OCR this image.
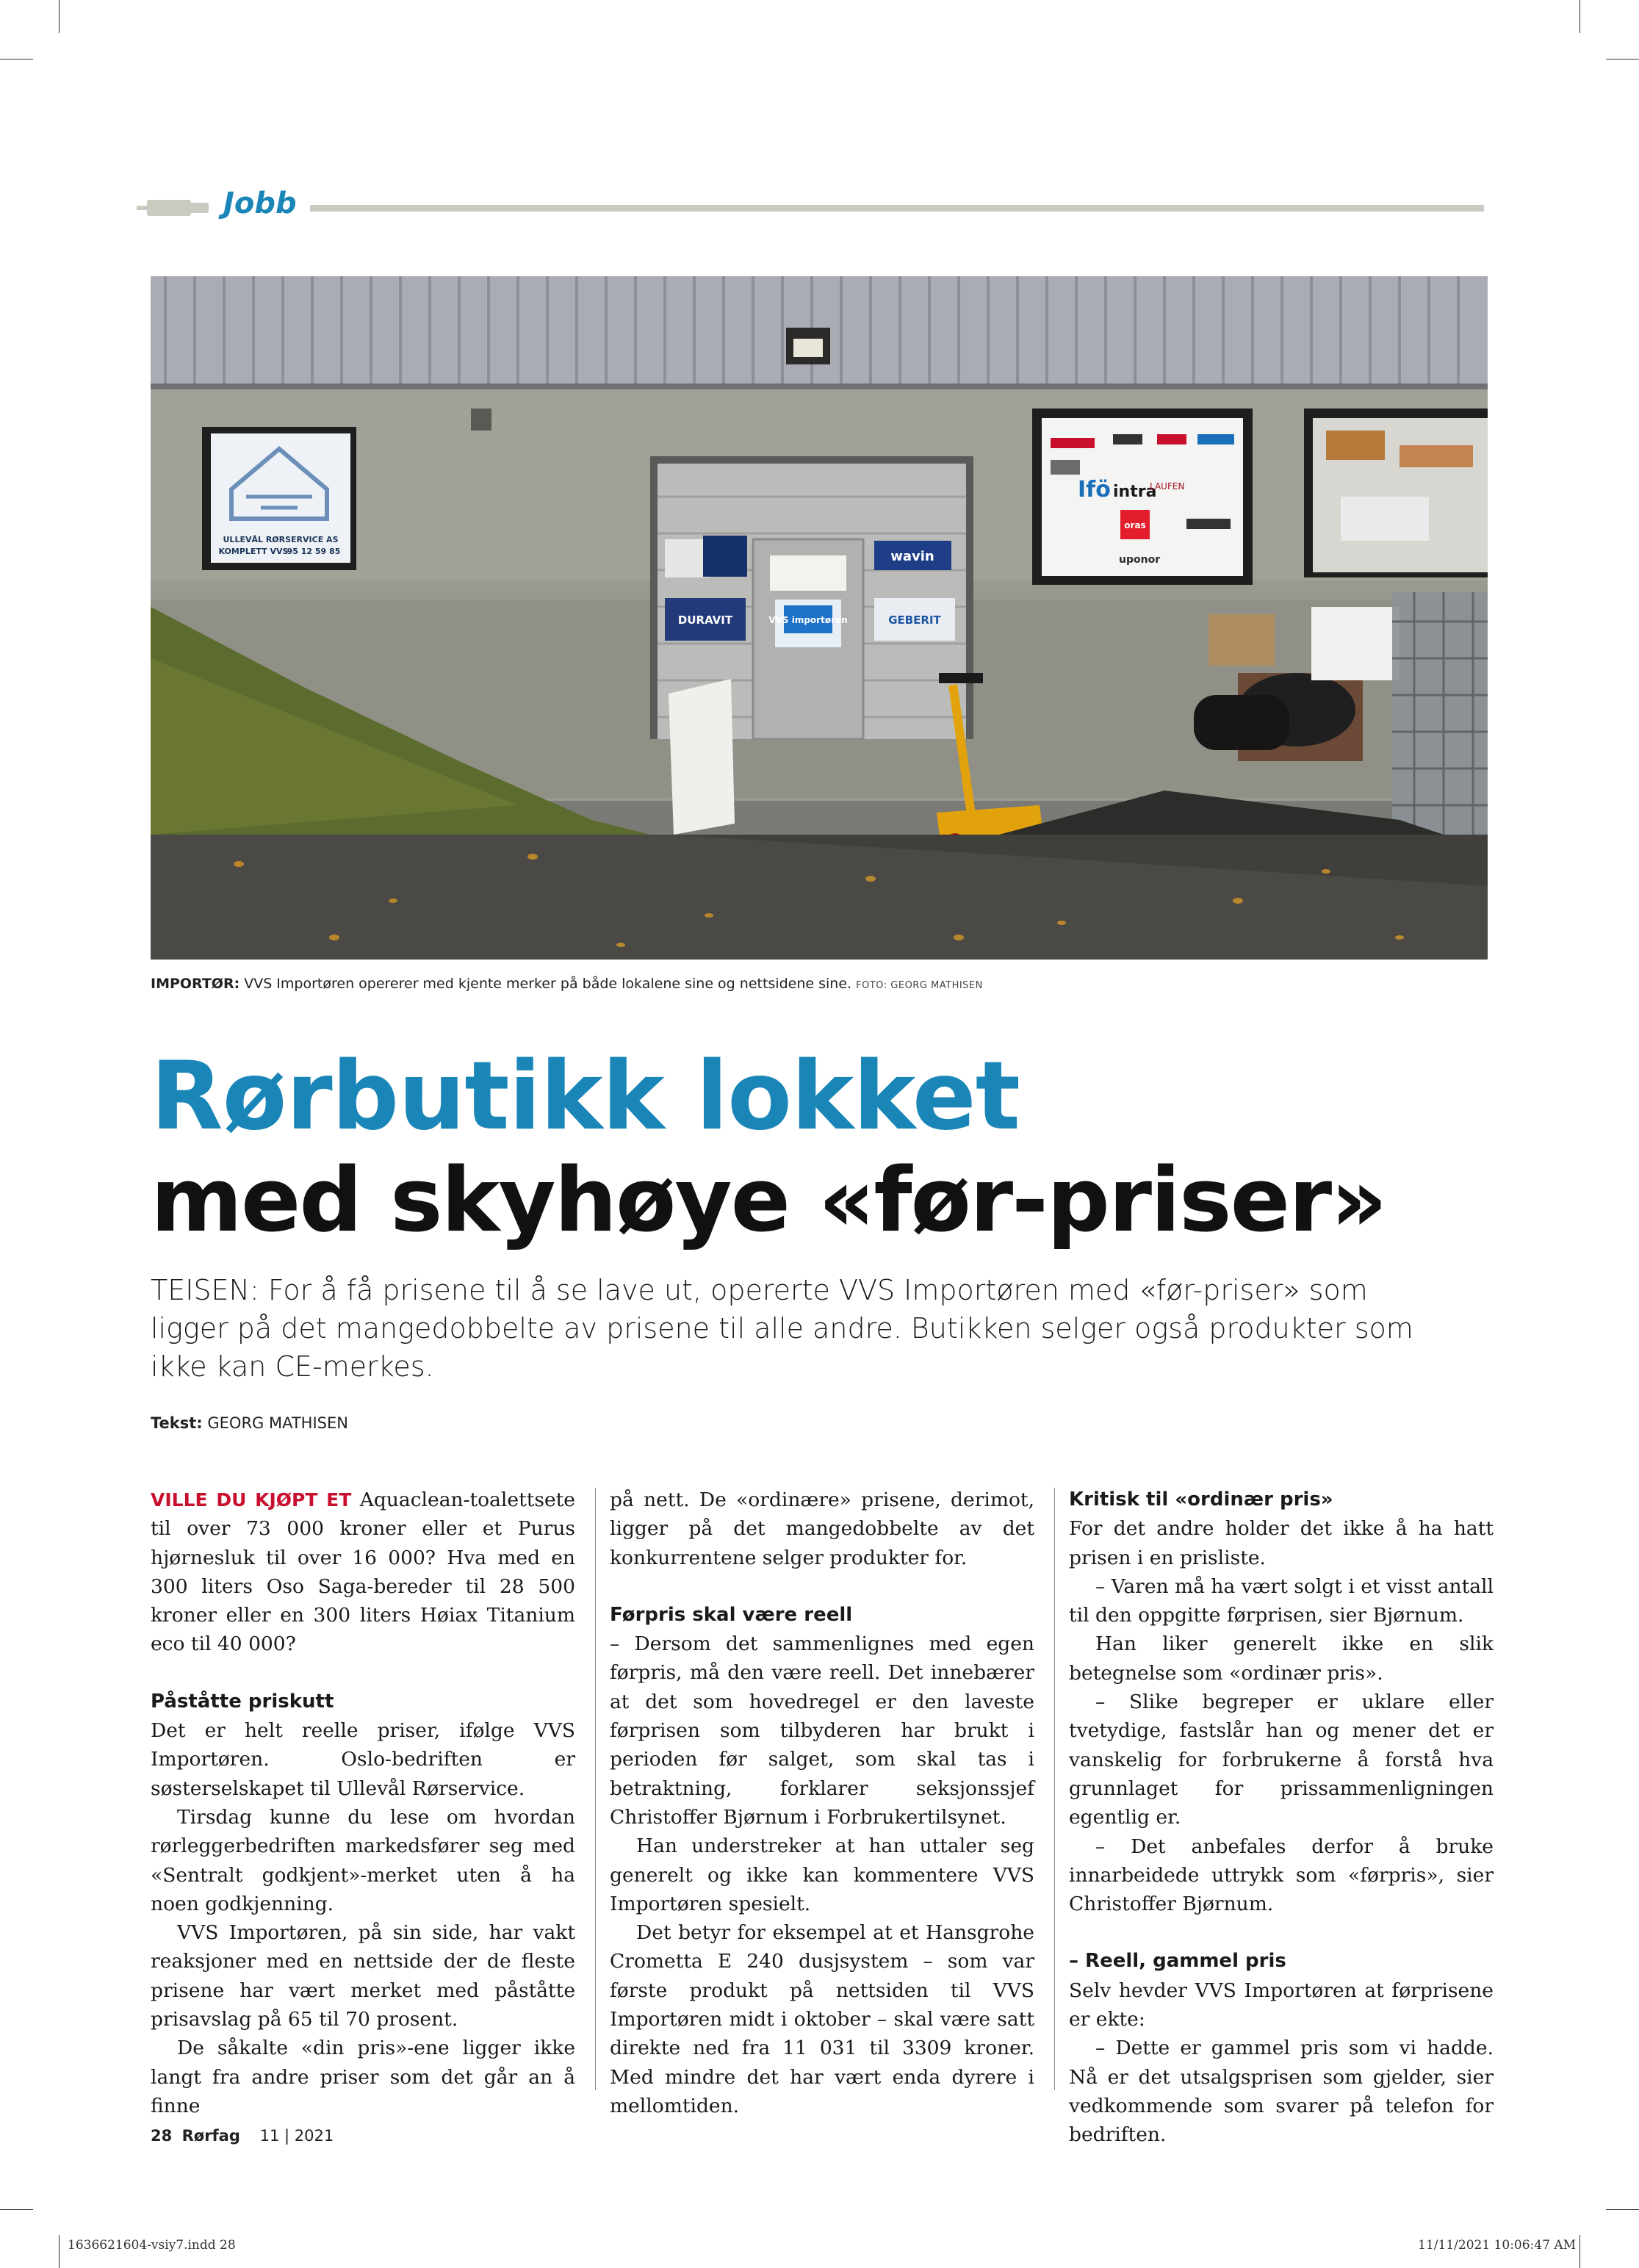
Jobb
ULLEVÅL RØRSERVICE AS
KOMPLETT VVS
95 12 59 85
VVS importøren
wavin
DURAVIT	GEBERIT
Ifö intra
LAUFEN
oras
uponor
IMPORTØR: VVS Importøren opererer med kjente merker på både lokalene sine og nettsidene sine. FOTO: GEORG MATHISEN
Rørbutikk lokket
med skyhøye «før-priser»
TEISEN: For å få prisene til å se lave ut, opererte VVS Importøren med «før-priser» som ligger på det mangedobbelte av prisene til alle andre. Butikken selger også produkter som ikke kan CE-merkes.
Tekst: GEORG MATHISEN

VILLE DU KJØPT ET Aquaclean-toalettsete til over 73 000 kroner eller et Purus hjørnesluk til over 16 000? Hva med en 300 liters Oso Saga-bereder til 28 500 kroner eller en 300 liters Høiax Titanium eco til 40 000?

Påståtte priskutt

Det er helt reelle priser, ifølge VVS Importøren. Oslo-bedriften er søsterselskapet til Ullevål Rørservice.

Tirsdag kunne du lese om hvordan rørleggerbedriften markedsfører seg med «Sentralt godkjent»-merket uten å ha noen godkjenning.

VVS Importøren, på sin side, har vakt reaksjoner med en nettside der de fleste prisene har vært merket med påståtte prisavslag på 65 til 70 prosent.

De såkalte «din pris»-ene ligger ikke langt fra andre priser som det går an å finne

på nett. De «ordinære» prisene, derimot, ligger på det mangedobbelte av det konkurrentene selger produkter for.

Førpris skal være reell

– Dersom det sammenlignes med egen førpris, må den være reell. Det innebærer at det som hovedregel er den laveste førprisen som tilbyderen har brukt i perioden før salget, som skal tas i betraktning, forklarer seksjonssjef Christoffer Bjørnum i Forbrukertilsynet.

Han understreker at han uttaler seg generelt og ikke kan kommentere VVS Importøren spesielt.

Det betyr for eksempel at et Hansgrohe Crometta E 240 dusjsystem – som var første produkt på nettsiden til VVS Importøren midt i oktober – skal være satt direkte ned fra 11 031 til 3309 kroner. Med mindre det har vært enda dyrere i mellomtiden.

Kritisk til «ordinær pris»

For det andre holder det ikke å ha hatt prisen i en prisliste.

– Varen må ha vært solgt i et visst antall til den oppgitte førprisen, sier Bjørnum.

Han liker generelt ikke en slik betegnelse som «ordinær pris».

– Slike begreper er uklare eller tvetydige, fastslår han og mener det er vanskelig for forbrukerne å forstå hva grunnlaget for prissammenligningen egentlig er.

– Det anbefales derfor å bruke innarbeidede uttrykk som «førpris», sier Christoffer Bjørnum.

– Reell, gammel pris

Selv hevder VVS Importøren at førprisene er ekte:

– Dette er gammel pris som vi hadde. Nå er det utsalgsprisen som gjelder, sier vedkommende som svarer på telefon for bedriften.

28 Rørfag 11 | 2021
1636621604-vsiy7.indd 28	11/11/2021 10:06:47 AM
